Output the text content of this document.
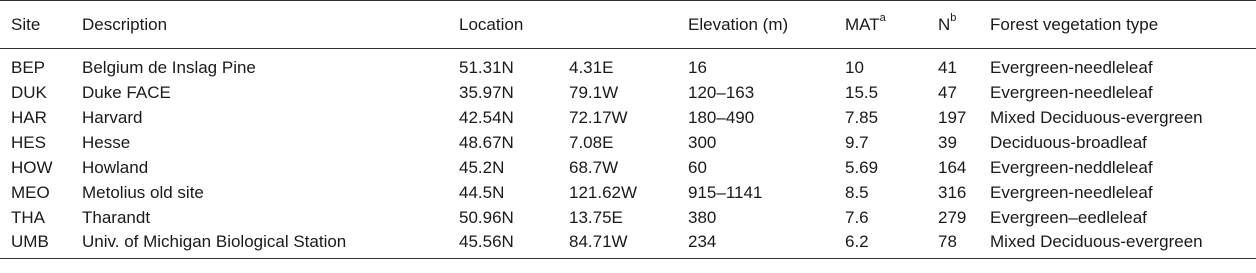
Site	Description	Location		Elevation (m)	MAT$^a$	$N^b$	Forest vegetation type
BEP	Belgium de Inslag Pine	51.31N	4.31E	16	10	41	Evergreen-needleleaf
DUK	Duke FACE	35.97N	79.1W	120–163	15.5	47	Evergreen-needleleaf
HAR	Harvard	42.54N	72.17W	180–490	7.85	197	Mixed Deciduous-evergreen
HES	Hesse	48.67N	7.08E	300	9.7	39	Deciduous-broadleaf
HOW	Howland	45.2N	68.7W	60	5.69	164	Evergreen-neddleleaf
MEO	Metolius old site	44.5N	121.62W	915–1141	8.5	316	Evergreen-needleleaf
THA	Tharandt	50.96N	13.75E	380	7.6	279	Evergreen–eedleleaf
UMB	Univ. of Michigan Biological Station	45.56N	84.71W	234	6.2	78	Mixed Deciduous-evergreen
